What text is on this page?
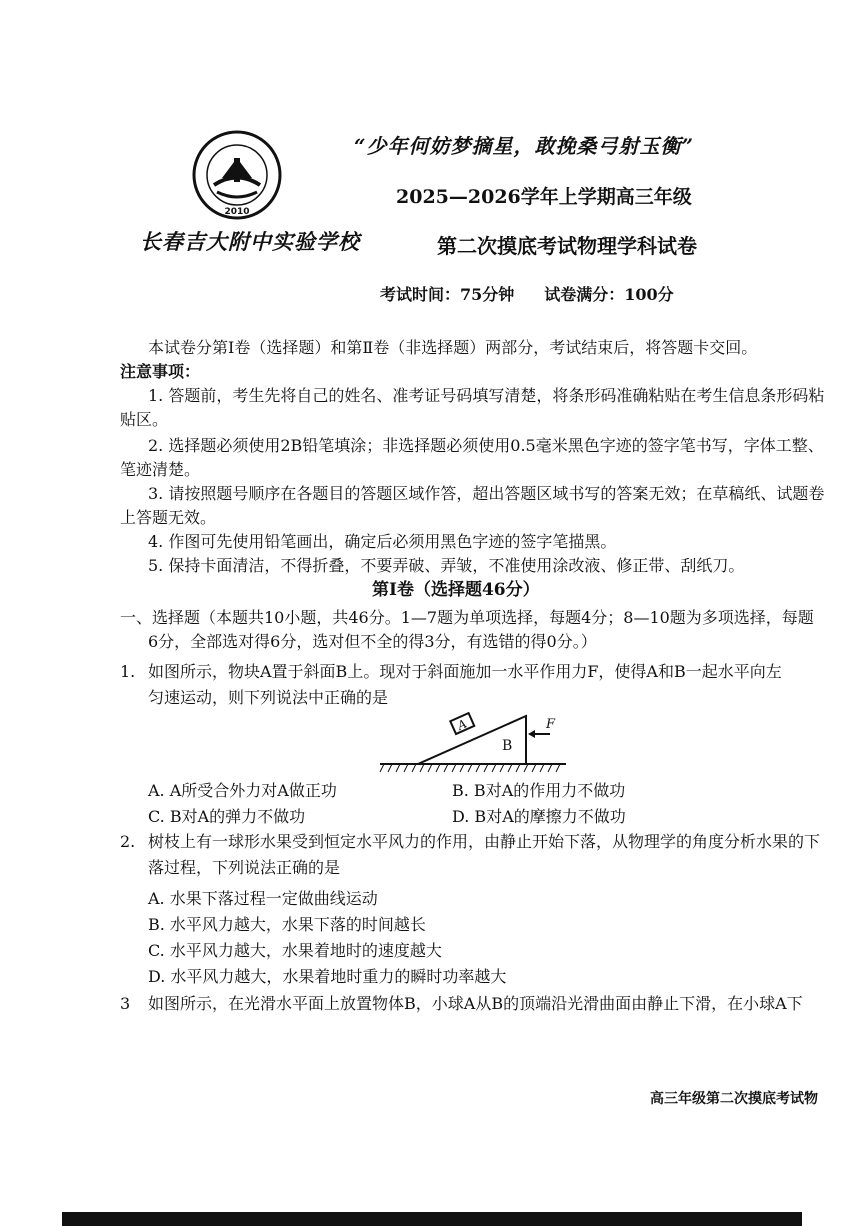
2010
长春吉大附中实验学校
“少年何妨梦摘星，敢挽桑弓射玉衡”
2025—2026学年上学期高三年级
第二次摸底考试物理学科试卷
考试时间：75分钟 试卷满分：100分
本试卷分第Ⅰ卷（选择题）和第Ⅱ卷（非选择题）两部分，考试结束后，将答题卡交回。
注意事项：
1. 答题前，考生先将自己的姓名、准考证号码填写清楚，将条形码准确粘贴在考生信息条形码粘
贴区。
2. 选择题必须使用2B铅笔填涂；非选择题必须使用0.5毫米黑色字迹的签字笔书写，字体工整、
笔迹清楚。
3. 请按照题号顺序在各题目的答题区域作答，超出答题区域书写的答案无效；在草稿纸、试题卷
上答题无效。
4. 作图可先使用铅笔画出，确定后必须用黑色字迹的签字笔描黑。
5. 保持卡面清洁，不得折叠，不要弄破、弄皱，不准使用涂改液、修正带、刮纸刀。
第Ⅰ卷（选择题46分）
一、选择题（本题共10小题，共46分。1—7题为单项选择，每题4分；8—10题为多项选择，每题
6分，全部选对得6分，选对但不全的得3分，有选错的得0分。）
1. 如图所示，物块A置于斜面B上。现对于斜面施加一水平作用力F，使得A和B一起水平向左
匀速运动，则下列说法中正确的是
B
A	F
A. A所受合外力对A做正功	B. B对A的作用力不做功
C. B对A的弹力不做功	D. B对A的摩擦力不做功
2. 树枝上有一球形水果受到恒定水平风力的作用，由静止开始下落，从物理学的角度分析水果的下
落过程，下列说法正确的是
A. 水果下落过程一定做曲线运动
B. 水平风力越大，水果下落的时间越长
C. 水平风力越大，水果着地时的速度越大
D. 水平风力越大，水果着地时重力的瞬时功率越大
3 如图所示，在光滑水平面上放置物体B，小球A从B的顶端沿光滑曲面由静止下滑，在小球A下
高三年级第二次摸底考试物
